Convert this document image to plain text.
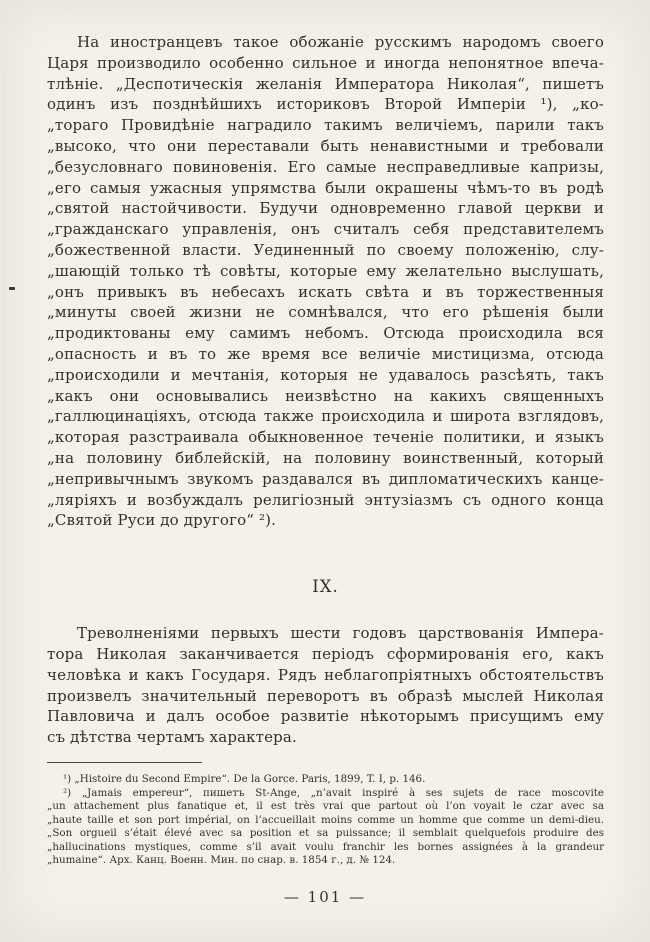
На иностранцевъ такое обожаніе русскимъ народомъ своего
Царя производило особенно сильное и иногда непонятное впеча-
тлѣніе. „Деспотическія желанія Императора Николая“, пишетъ
одинъ изъ позднѣйшихъ историковъ Второй Имперіи ¹), „ко-
„тораго Провидѣніе наградило такимъ величіемъ, парили такъ
„высоко, что они переставали быть ненавистными и требовали
„безусловнаго повиновенія. Его самые несправедливые капризы,
„его самыя ужасныя упрямства были окрашены чѣмъ-то въ родѣ
„святой настойчивости. Будучи одновременно главой церкви и
„гражданскаго управленія, онъ считалъ себя представителемъ
„божественной власти. Уединенный по своему положенію, слу-
„шающій только тѣ совѣты, которые ему желательно выслушать,
„онъ привыкъ въ небесахъ искать свѣта и въ торжественныя
„минуты своей жизни не сомнѣвался, что его рѣшенія были
„продиктованы ему самимъ небомъ. Отсюда происходила вся
„опасность и въ то же время все величіе мистицизма, отсюда
„происходили и мечтанія, которыя не удавалось разсѣять, такъ
„какъ они основывались неизвѣстно на какихъ священныхъ
„галлюцинаціяхъ, отсюда также происходила и широта взглядовъ,
„которая разстраивала обыкновенное теченіе политики, и языкъ
„на половину библейскій, на половину воинственный, который
„непривычнымъ звукомъ раздавался въ дипломатическихъ канце-
„ляріяхъ и возбуждалъ религіозный энтузіазмъ съ одного конца
„Святой Руси до другого“ ²).
IX.
Треволненіями первыхъ шести годовъ царствованія Импера-
тора Николая заканчивается періодъ сформированія его, какъ
человѣка и какъ Государя. Рядъ неблагопріятныхъ обстоятельствъ
произвелъ значительный переворотъ въ образѣ мыслей Николая
Павловича и далъ особое развитіе нѣкоторымъ присущимъ ему
съ дѣтства чертамъ характера.
¹) „Histoire du Second Empire“. De la Gorce. Paris, 1899, T. I, p. 146.
²) „Jamais empereur“, пишетъ St-Ange, „n’avait inspiré à ses sujets de race moscovite
„un attachement plus fanatique et, il est très vrai que partout où l’on voyait le czar avec sa
„haute taille et son port impérial, on l’accueillait moins comme un homme que comme un demi-dieu.
„Son orgueil s’était élevé avec sa position et sa puissance; il semblait quelquefois produire des
„hallucinations mystiques, comme s’il avait voulu franchir les bornes assignées à la grandeur
„humaine“. Арх. Канц. Военн. Мин. по снар. в. 1854 г., д. № 124.
— 101 —
